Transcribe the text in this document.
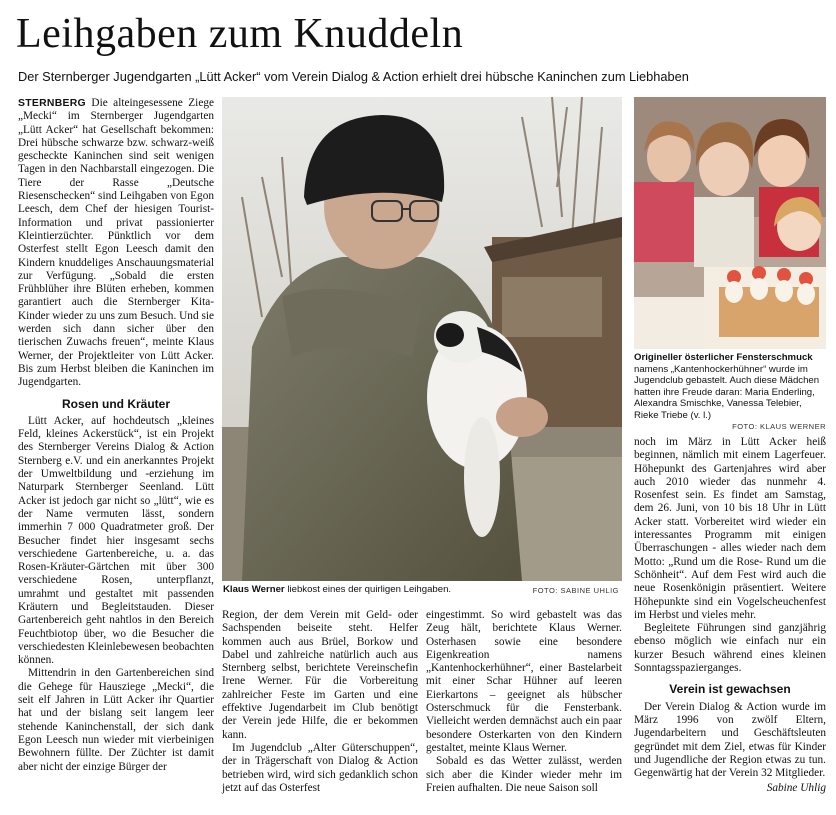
Leihgaben zum Knuddeln
Der Sternberger Jugendgarten „Lütt Acker“ vom Verein Dialog & Action erhielt drei hübsche Kaninchen zum Liebhaben

STERNBERG Die alteingesessene Ziege „Mecki“ im Sternberger Jugendgarten „Lütt Acker“ hat Gesellschaft bekommen: Drei hübsche schwarze bzw. schwarz-weiß gescheckte Kaninchen sind seit wenigen Tagen in den Nachbarstall eingezogen. Die Tiere der Rasse „Deutsche Riesenschecken“ sind Leihgaben von Egon Leesch, dem Chef der hiesigen Tourist-Information und privat passionierter Kleintierzüchter. Pünktlich vor dem Osterfest stellt Egon Leesch damit den Kindern knuddeliges Anschauungsmaterial zur Verfügung. „Sobald die ersten Frühblüher ihre Blüten erheben, kommen garantiert auch die Sternberger Kita-Kinder wieder zu uns zum Besuch. Und sie werden sich dann sicher über den tierischen Zuwachs freuen“, meinte Klaus Werner, der Projektleiter von Lütt Acker. Bis zum Herbst bleiben die Kaninchen im Jugendgarten.

Rosen und Kräuter

Lütt Acker, auf hochdeutsch „kleines Feld, kleines Ackerstück“, ist ein Projekt des Sternberger Vereins Dialog & Action Sternberg e.V. und ein anerkanntes Projekt der Umweltbildung und -erziehung im Naturpark Sternberger Seenland. Lütt Acker ist jedoch gar nicht so „lütt“, wie es der Name vermuten lässt, sondern immerhin 7 000 Quadratmeter groß. Der Besucher findet hier insgesamt sechs verschiedene Gartenbereiche, u. a. das Rosen-Kräuter-Gärtchen mit über 300 verschiedene Rosen, unterpflanzt, umrahmt und gestaltet mit passenden Kräutern und Begleitstauden. Dieser Gartenbereich geht nahtlos in den Bereich Feuchtbiotop über, wo die Besucher die verschiedesten Kleinlebewesen beobachten können.

Mittendrin in den Gartenbereichen sind die Gehege für Hausziege „Mecki“, die seit elf Jahren in Lütt Acker ihr Quartier hat und der bislang seit langem leer stehende Kaninchenstall, der sich dank Egon Leesch nun wieder mit vierbeinigen Bewohnern füllte. Der Züchter ist damit aber nicht der einzige Bürger der

Klaus Werner liebkost eines der quirligen Leihgaben.	FOTO: SABINE UHLIG
Origineller österlicher Fensterschmuck
namens „Kantenhockerhühner“ wurde im Jugendclub gebastelt. Auch diese Mädchen hatten ihre Freude daran: Maria Enderling, Alexandra Smischke, Vanessa Telebier, Rieke Triebe (v. l.)
FOTO: KLAUS WERNER

Region, der dem Verein mit Geld- oder Sachspenden beiseite steht. Helfer kommen auch aus Brüel, Borkow und Dabel und zahlreiche natürlich auch aus Sternberg selbst, berichtete Vereinschefin Irene Werner. Für die Vorbereitung zahlreicher Feste im Garten und eine effektive Jugendarbeit im Club benötigt der Verein jede Hilfe, die er bekommen kann.

Im Jugendclub „Alter Güterschuppen“, der in Trägerschaft von Dialog & Action betrieben wird, wird sich gedanklich schon jetzt auf das Osterfest

eingestimmt. So wird gebastelt was das Zeug hält, berichtete Klaus Werner. Osterhasen sowie eine besondere Eigenkreation namens „Kantenhockerhühner“, einer Bastelarbeit mit einer Schar Hühner auf leeren Eierkartons – geeignet als hübscher Osterschmuck für die Fensterbank. Vielleicht werden demnächst auch ein paar besondere Osterkarten von den Kindern gestaltet, meinte Klaus Werner.

Sobald es das Wetter zulässt, werden sich aber die Kinder wieder mehr im Freien aufhalten. Die neue Saison soll

noch im März in Lütt Acker heiß beginnen, nämlich mit einem Lagerfeuer. Höhepunkt des Gartenjahres wird aber auch 2010 wieder das nunmehr 4. Rosenfest sein. Es findet am Samstag, dem 26. Juni, von 10 bis 18 Uhr in Lütt Acker statt. Vorbereitet wird wieder ein interessantes Programm mit einigen Überraschungen - alles wieder nach dem Motto: „Rund um die Rose- Rund um die Schönheit“. Auf dem Fest wird auch die neue Rosenkönigin präsentiert. Weitere Höhepunkte sind ein Vogelscheuchenfest im Herbst und vieles mehr.

Begleitete Führungen sind ganzjährig ebenso möglich wie einfach nur ein kurzer Besuch während eines kleinen Sonntagsspazierganges.

Verein ist gewachsen

Der Verein Dialog & Action wurde im März 1996 von zwölf Eltern, Jugendarbeitern und Geschäftsleuten gegründet mit dem Ziel, etwas für Kinder und Jugendliche der Region etwas zu tun. Gegenwärtig hat der Verein 32 Mitglieder.

Sabine Uhlig
